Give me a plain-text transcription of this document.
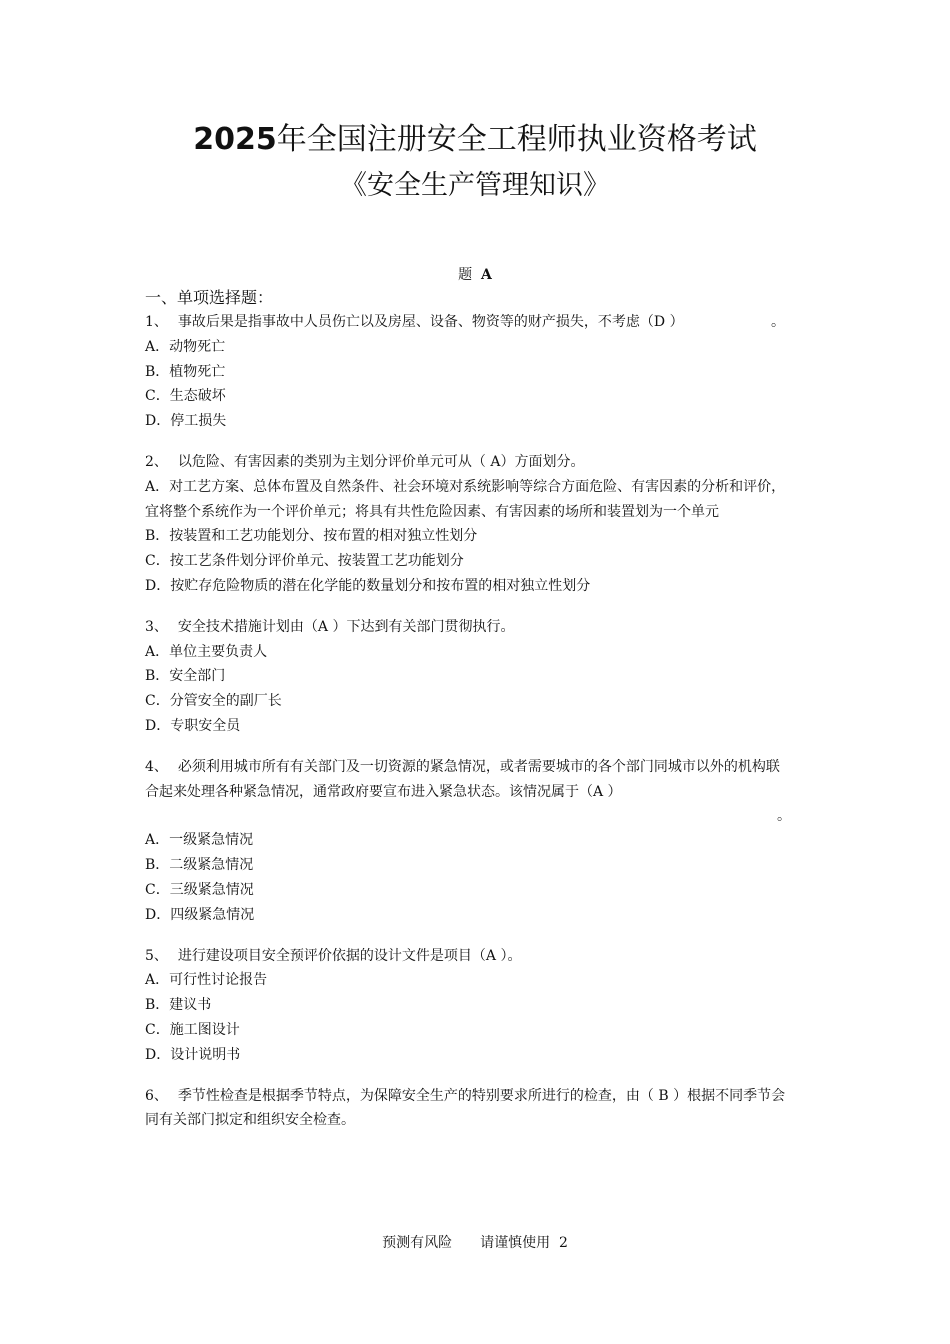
2025年全国注册安全工程师执业资格考试
《安全生产管理知识》
题 A
一、单项选择题：
1、 事故后果是指事故中人员伤亡以及房屋、设备、物资等的财产损失，不考虑（D ）	。
A．动物死亡
B．植物死亡
C．生态破坏
D．停工损失
2、 以危险、有害因素的类别为主划分评价单元可从（ A）方面划分。
A．对工艺方案、总体布置及自然条件、社会环境对系统影响等综合方面危险、有害因素的分析和评价，宜将整个系统作为一个评价单元；将具有共性危险因素、有害因素的场所和装置划为一个单元
B．按装置和工艺功能划分、按布置的相对独立性划分
C．按工艺条件划分评价单元、按装置工艺功能划分
D．按贮存危险物质的潜在化学能的数量划分和按布置的相对独立性划分
3、 安全技术措施计划由（A ）下达到有关部门贯彻执行。
A．单位主要负责人
B．安全部门
C．分管安全的副厂长
D．专职安全员
4、 必须利用城市所有有关部门及一切资源的紧急情况，或者需要城市的各个部门同城市以外的机构联合起来处理各种紧急情况，通常政府要宣布进入紧急状态。该情况属于（A ）
。
A．一级紧急情况
B．二级紧急情况
C．三级紧急情况
D．四级紧急情况
5、 进行建设项目安全预评价依据的设计文件是项目（A ）。
A．可行性讨论报告
B．建议书
C．施工图设计
D．设计说明书
6、 季节性检查是根据季节特点，为保障安全生产的特别要求所进行的检查，由（ B ）根据不同季节会同有关部门拟定和组织安全检查。
预测有风险 请谨慎使用 2
